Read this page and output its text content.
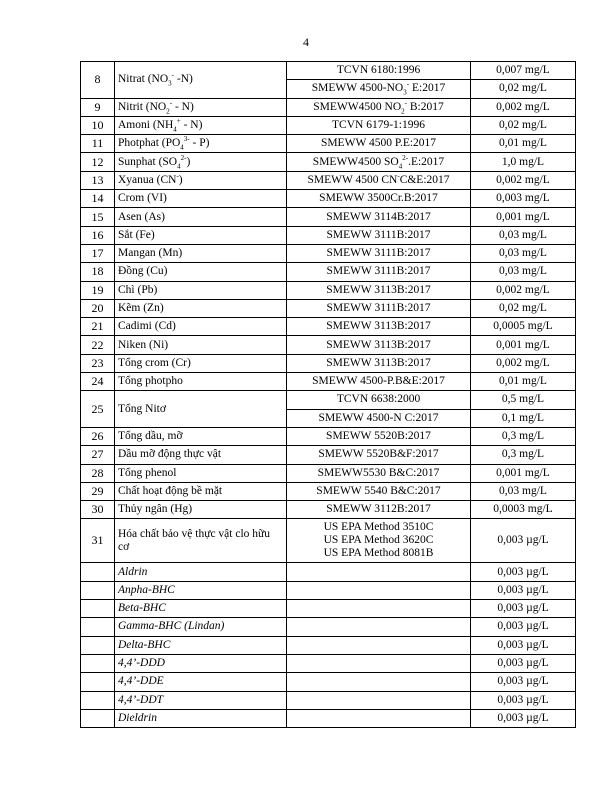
4
8	Nitrat ($NO_3^-$ -N)	TCVN 6180:1996	0,007 mg/L
		SMEWW $4500-NO_3^-$ E:2017	0,02 mg/L
9	Nitrit $(NO_2^- - N)$	SMEWW4500 $NO_2^-$ B:2017	0,002 mg/L
10	Amoni $(NH_4^+ - N)$	TCVN 6179-1:1996	0,02 mg/L
11	Photphat $(PO_4^{3-} - P)$	SMEWW 4500 P.E:2017	0,01 mg/L
12	Sunphat $(SO_4^{2-})$	SMEWW4500 $SO_4^{2-}.E:2017$	1,0 mg/L
13	Xyanua (CN-)	SMEWW 4500 CN-C&E:2017	0,002 mg/L
14	Crom (VI)	SMEWW 3500Cr.B:2017	0,003 mg/L
15	Asen (As)	SMEWW 3114B:2017	0,001 mg/L
16	Sắt (Fe)	SMEWW 3111B:2017	0,03 mg/L
17	Mangan (Mn)	SMEWW 3111B:2017	0,03 mg/L
18	Đồng (Cu)	SMEWW 3111B:2017	0,03 mg/L
19	Chì (Pb)	SMEWW 3113B:2017	0,002 mg/L
20	Kẽm (Zn)	SMEWW 3111B:2017	0,02 mg/L
21	Cadimi (Cd)	SMEWW 3113B:2017	0,0005 mg/L
22	Niken (Ni)	SMEWW 3113B:2017	0,001 mg/L
23	Tổng crom (Cr)	SMEWW 3113B:2017	0,002 mg/L
24	Tổng photpho	SMEWW 4500-P.B&E:2017	0,01 mg/L
25	Tổng Nitơ	TCVN 6638:2000	0,5 mg/L
		SMEWW 4500-N C:2017	0,1 mg/L
26	Tổng dầu, mỡ	SMEWW 5520B:2017	0,3 mg/L
27	Dầu mỡ động thực vật	SMEWW 5520B&F:2017	0,3 mg/L
28	Tổng phenol	SMEWW5530 B&C:2017	0,001 mg/L
29	Chất hoạt động bề mặt	SMEWW 5540 B&C:2017	0,03 mg/L
30	Thủy ngân (Hg)	SMEWW 3112B:2017	0,0003 mg/L
31	Hóa chất bảo vệ thực vật clo hữu cơ	US EPA Method 3510C
US EPA Method 3620C
US EPA Method 8081B	0,003 µg/L
	Aldrin		0,003 µg/L
	Anpha-BHC		0,003 µg/L
	Beta-BHC		0,003 µg/L
	Gamma-BHC (Lindan)		0,003 µg/L
	Delta-BHC		0,003 µg/L
	4,4’-DDD		0,003 µg/L
	4,4’-DDE		0,003 µg/L
	4,4’-DDT		0,003 µg/L
	Dieldrin		0,003 µg/L
